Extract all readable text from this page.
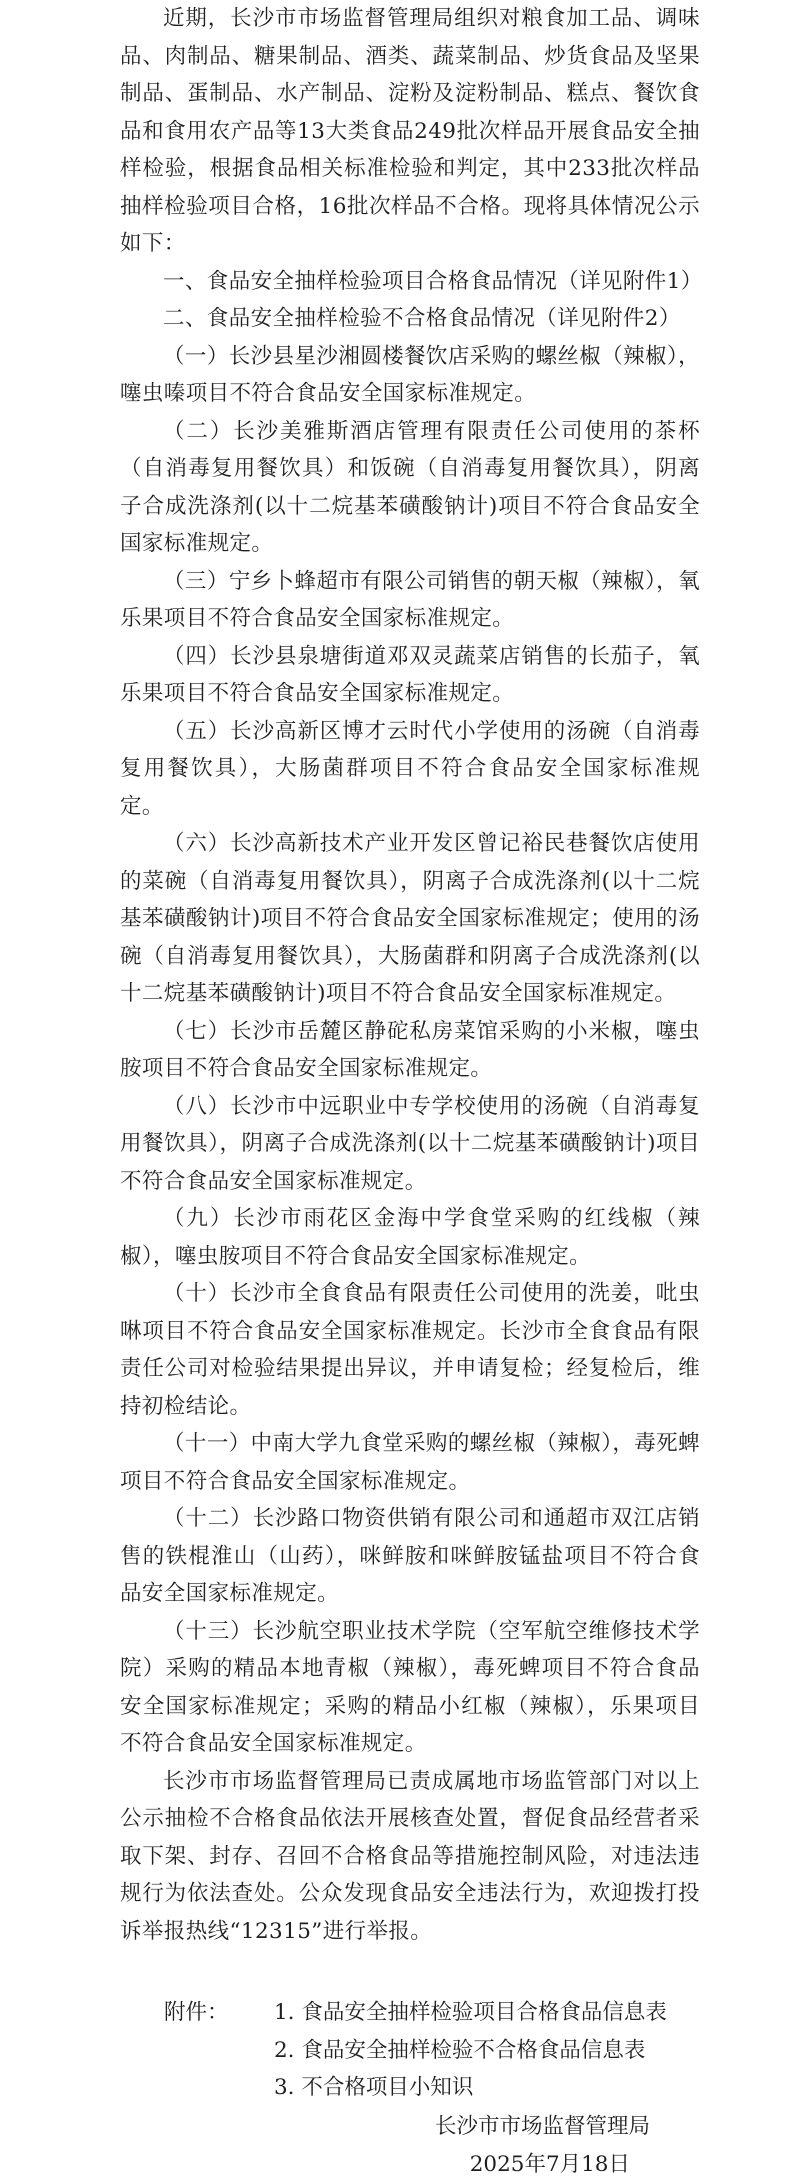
近期，长沙市市场监督管理局组织对粮食加工品、调味品、肉制品、糖果制品、酒类、蔬菜制品、炒货食品及坚果制品、蛋制品、水产制品、淀粉及淀粉制品、糕点、餐饮食品和食用农产品等13大类食品249批次样品开展食品安全抽样检验，根据食品相关标准检验和判定，其中233批次样品抽样检验项目合格，16批次样品不合格。现将具体情况公示如下：

一、食品安全抽样检验项目合格食品情况（详见附件1）

二、食品安全抽样检验不合格食品情况（详见附件2）

（一）长沙县星沙湘圆楼餐饮店采购的螺丝椒（辣椒），噻虫嗪项目不符合食品安全国家标准规定。

（二）长沙美雅斯酒店管理有限责任公司使用的茶杯（自消毒复用餐饮具）和饭碗（自消毒复用餐饮具），阴离子合成洗涤剂(以十二烷基苯磺酸钠计)项目不符合食品安全国家标准规定。

（三）宁乡卜蜂超市有限公司销售的朝天椒（辣椒），氧乐果项目不符合食品安全国家标准规定。

（四）长沙县泉塘街道邓双灵蔬菜店销售的长茄子，氧乐果项目不符合食品安全国家标准规定。

（五）长沙高新区博才云时代小学使用的汤碗（自消毒复用餐饮具），大肠菌群项目不符合食品安全国家标准规定。

（六）长沙高新技术产业开发区曾记裕民巷餐饮店使用的菜碗（自消毒复用餐饮具），阴离子合成洗涤剂(以十二烷基苯磺酸钠计)项目不符合食品安全国家标准规定；使用的汤碗（自消毒复用餐饮具），大肠菌群和阴离子合成洗涤剂(以十二烷基苯磺酸钠计)项目不符合食品安全国家标准规定。

（七）长沙市岳麓区静砣私房菜馆采购的小米椒，噻虫胺项目不符合食品安全国家标准规定。

（八）长沙市中远职业中专学校使用的汤碗（自消毒复用餐饮具），阴离子合成洗涤剂(以十二烷基苯磺酸钠计)项目不符合食品安全国家标准规定。

（九）长沙市雨花区金海中学食堂采购的红线椒（辣椒），噻虫胺项目不符合食品安全国家标准规定。

（十）长沙市全食食品有限责任公司使用的洗姜，吡虫啉项目不符合食品安全国家标准规定。长沙市全食食品有限责任公司对检验结果提出异议，并申请复检；经复检后，维持初检结论。

（十一）中南大学九食堂采购的螺丝椒（辣椒），毒死蜱项目不符合食品安全国家标准规定。

（十二）长沙路口物资供销有限公司和通超市双江店销售的铁棍淮山（山药），咪鲜胺和咪鲜胺锰盐项目不符合食品安全国家标准规定。

（十三）长沙航空职业技术学院（空军航空维修技术学院）采购的精品本地青椒（辣椒），毒死蜱项目不符合食品安全国家标准规定；采购的精品小红椒（辣椒），乐果项目不符合食品安全国家标准规定。

长沙市市场监督管理局已责成属地市场监管部门对以上公示抽检不合格食品依法开展核查处置，督促食品经营者采取下架、封存、召回不合格食品等措施控制风险，对违法违规行为依法查处。公众发现食品安全违法行为，欢迎拨打投诉举报热线“12315”进行举报。

附件：	1. 食品安全抽样检验项目合格食品信息表
2. 食品安全抽样检验不合格食品信息表
3. 不合格项目小知识
长沙市市场监督管理局
2025年7月18日
